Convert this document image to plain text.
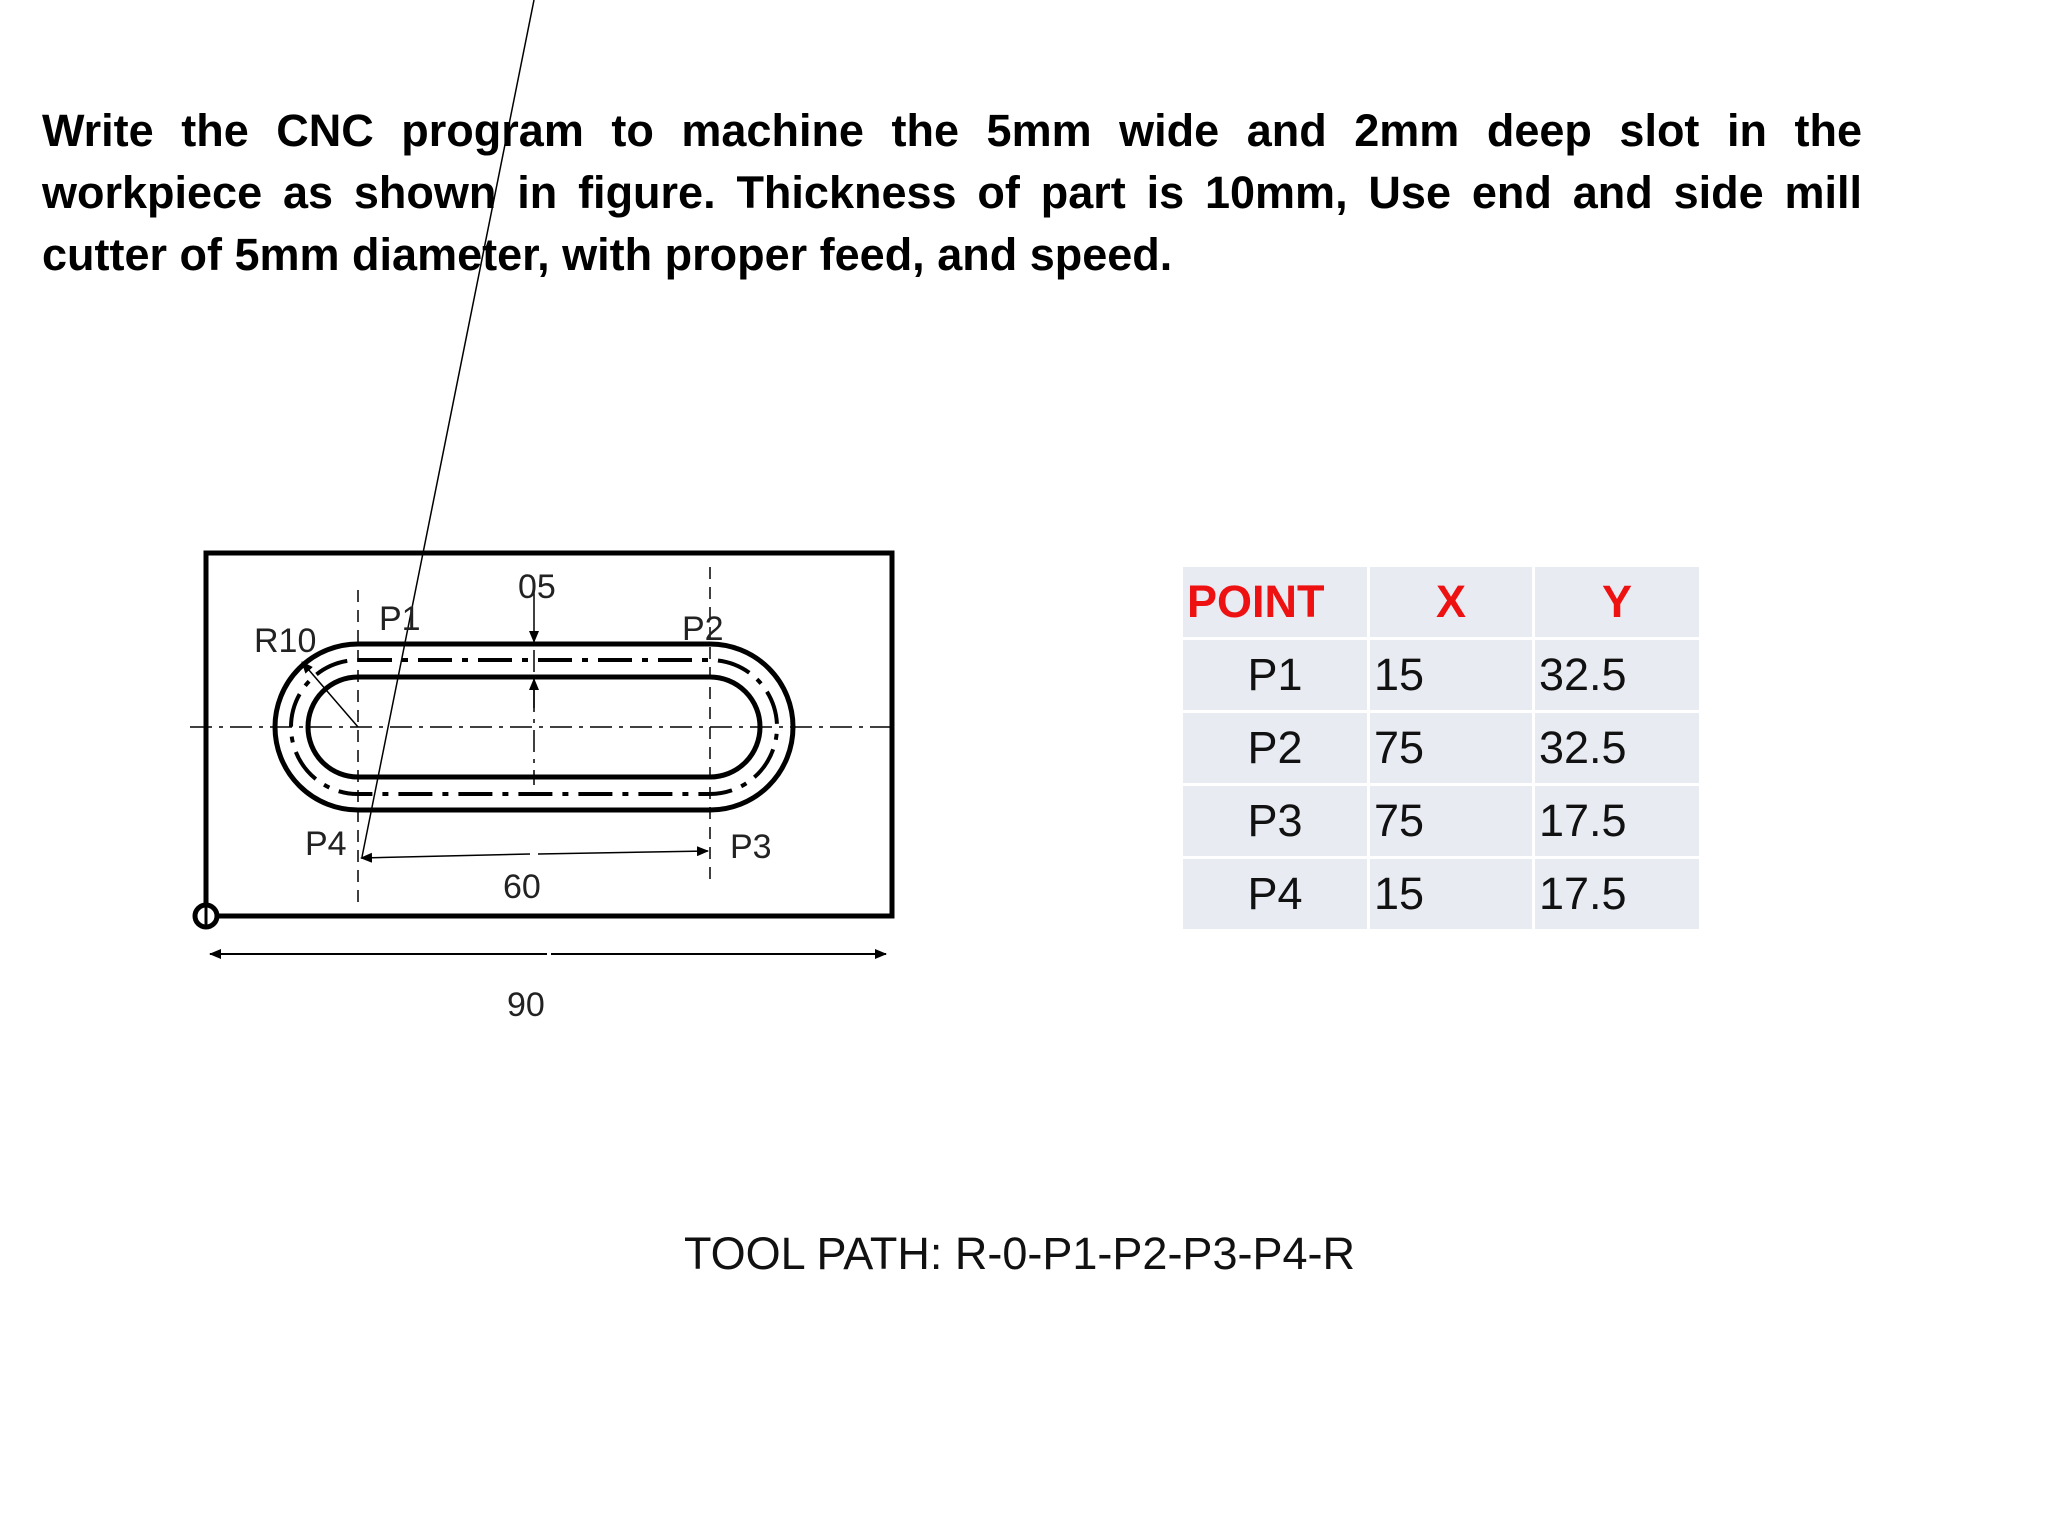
Write the CNC program to machine the 5mm wide and 2mm deep slot in the workpiece as shown in figure. Thickness of part is 10mm, Use end and side mill cutter of 5mm diameter, with proper feed, and speed.

R10
05
P1	P2
P3
P4
60
90
POINT	X	Y
P1	15	32.5
P2	75	32.5
P3	75	17.5
P4	15	17.5
TOOL PATH: R-0-P1-P2-P3-P4-R
